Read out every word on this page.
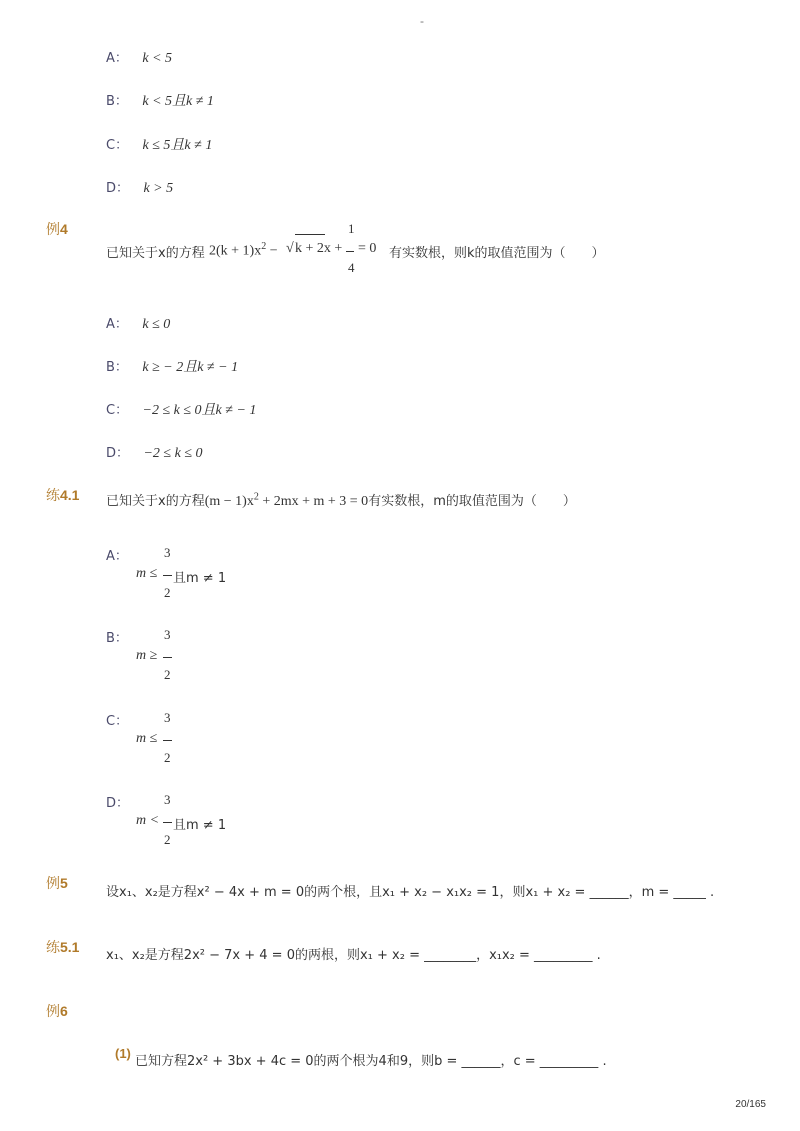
-
A： k < 5
B： k < 5且k ≠ 1
C： k ≤ 5且k ≠ 1
D： k > 5
例4
已知关于x的方程 $2(k + 1)x^2$ − √ k + 2x +
1
4
= 0 有实数根，则k的取值范围为（　　）
A： k ≤ 0
B： k ≥ − 2且k ≠ − 1
C： −2 ≤ k ≤ 0且k ≠ − 1
D： −2 ≤ k ≤ 0
练4.1 已知关于x的方程$(m - 1)x^2 + 2mx + m + 3 = 0$有实数根，m的取值范围为（　　）
A：	3
m ≤ 且m ≠ 1
2
B：	3
m ≥
2
C：	3
m ≤
2
D：	3
m < 且m ≠ 1
2
例5
设x₁、x₂是方程x² − 4x + m = 0的两个根，且x₁ + x₂ − x₁x₂ = 1，则x₁ + x₂ = ______，m = _____ .
练5.1
x₁、x₂是方程2x² − 7x + 4 = 0的两根，则x₁ + x₂ = ________，x₁x₂ = _________ .
例6
(1)
已知方程2x² + 3bx + 4c = 0的两个根为4和9，则b = ______，c = _________ .
20/165
